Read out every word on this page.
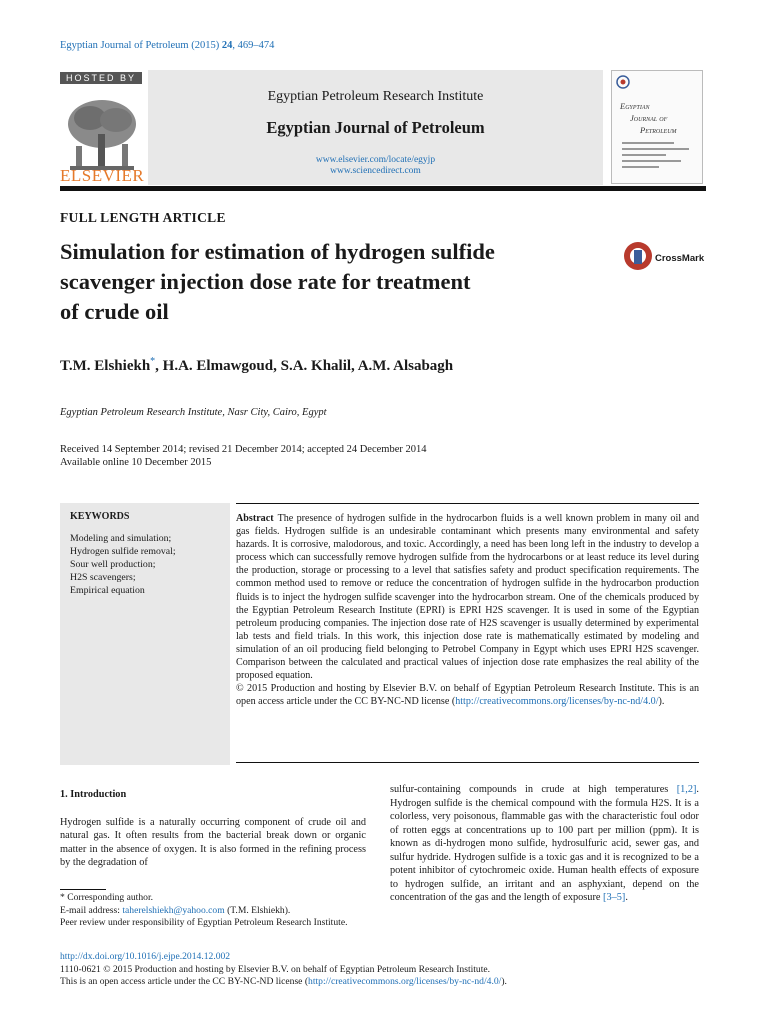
Egyptian Journal of Petroleum (2015) 24, 469–474
HOSTED BY
ELSEVIER
Egyptian Petroleum Research Institute
Egyptian Journal of Petroleum
www.elsevier.com/locate/egyjp
www.sciencedirect.com
Egyptian
Journal of
Petroleum
FULL LENGTH ARTICLE
Simulation for estimation of hydrogen sulfide
scavenger injection dose rate for treatment
of crude oil
CrossMark
T.M. Elshiekh*, H.A. Elmawgoud, S.A. Khalil, A.M. Alsabagh
Egyptian Petroleum Research Institute, Nasr City, Cairo, Egypt
Received 14 September 2014; revised 21 December 2014; accepted 24 December 2014
Available online 10 December 2015
KEYWORDS
Modeling and simulation;
Hydrogen sulfide removal;
Sour well production;
H2S scavengers;
Empirical equation
Abstract The presence of hydrogen sulfide in the hydrocarbon fluids is a well known problem in many oil and gas fields. Hydrogen sulfide is an undesirable contaminant which presents many environmental and safety hazards. It is corrosive, malodorous, and toxic. Accordingly, a need has been long left in the industry to develop a process which can successfully remove hydrogen sulfide from the hydrocarbons or at least reduce its level during the production, storage or processing to a level that satisfies safety and product specification requirements. The common method used to remove or reduce the concentration of hydrogen sulfide in the hydrocarbon production fluids is to inject the hydrogen sulfide scavenger into the hydrocarbon stream. One of the chemicals produced by the Egyptian Petroleum Research Institute (EPRI) is EPRI H2S scavenger. It is used in some of the Egyptian petroleum producing companies. The injection dose rate of H2S scavenger is usually determined by experimental lab tests and field trials. In this work, this injection dose rate is mathematically estimated by modeling and simulation of an oil producing field belonging to Petrobel Company in Egypt which uses EPRI H2S scavenger. Comparison between the calculated and practical values of injection dose rate emphasizes the real ability of the proposed equation.
© 2015 Production and hosting by Elsevier B.V. on behalf of Egyptian Petroleum Research Institute. This is an open access article under the CC BY-NC-ND license (http://creativecommons.org/licenses/by-nc-nd/4.0/).
1. Introduction
Hydrogen sulfide is a naturally occurring component of crude oil and natural gas. It often results from the bacterial break down or organic matter in the absence of oxygen. It is also formed in the refining process by the degradation of
sulfur-containing compounds in crude at high temperatures [1,2]. Hydrogen sulfide is the chemical compound with the formula H2S. It is a colorless, very poisonous, flammable gas with the characteristic foul odor of rotten eggs at concentrations up to 100 part per million (ppm). It is known as di-hydrogen mono sulfide, hydrosulfuric acid, sewer gas, and sulfur hydride. Hydrogen sulfide is a toxic gas and it is recognized to be a potent inhibitor of cytochromeic oxide. Human health effects of exposure to hydrogen sulfide, an irritant and an asphyxiant, depend on the concentration of the gas and the length of exposure [3–5].
* Corresponding author.
E-mail address: taherelshiekh@yahoo.com (T.M. Elshiekh).
Peer review under responsibility of Egyptian Petroleum Research Institute.
http://dx.doi.org/10.1016/j.ejpe.2014.12.002
1110-0621 © 2015 Production and hosting by Elsevier B.V. on behalf of Egyptian Petroleum Research Institute.
This is an open access article under the CC BY-NC-ND license (http://creativecommons.org/licenses/by-nc-nd/4.0/).
